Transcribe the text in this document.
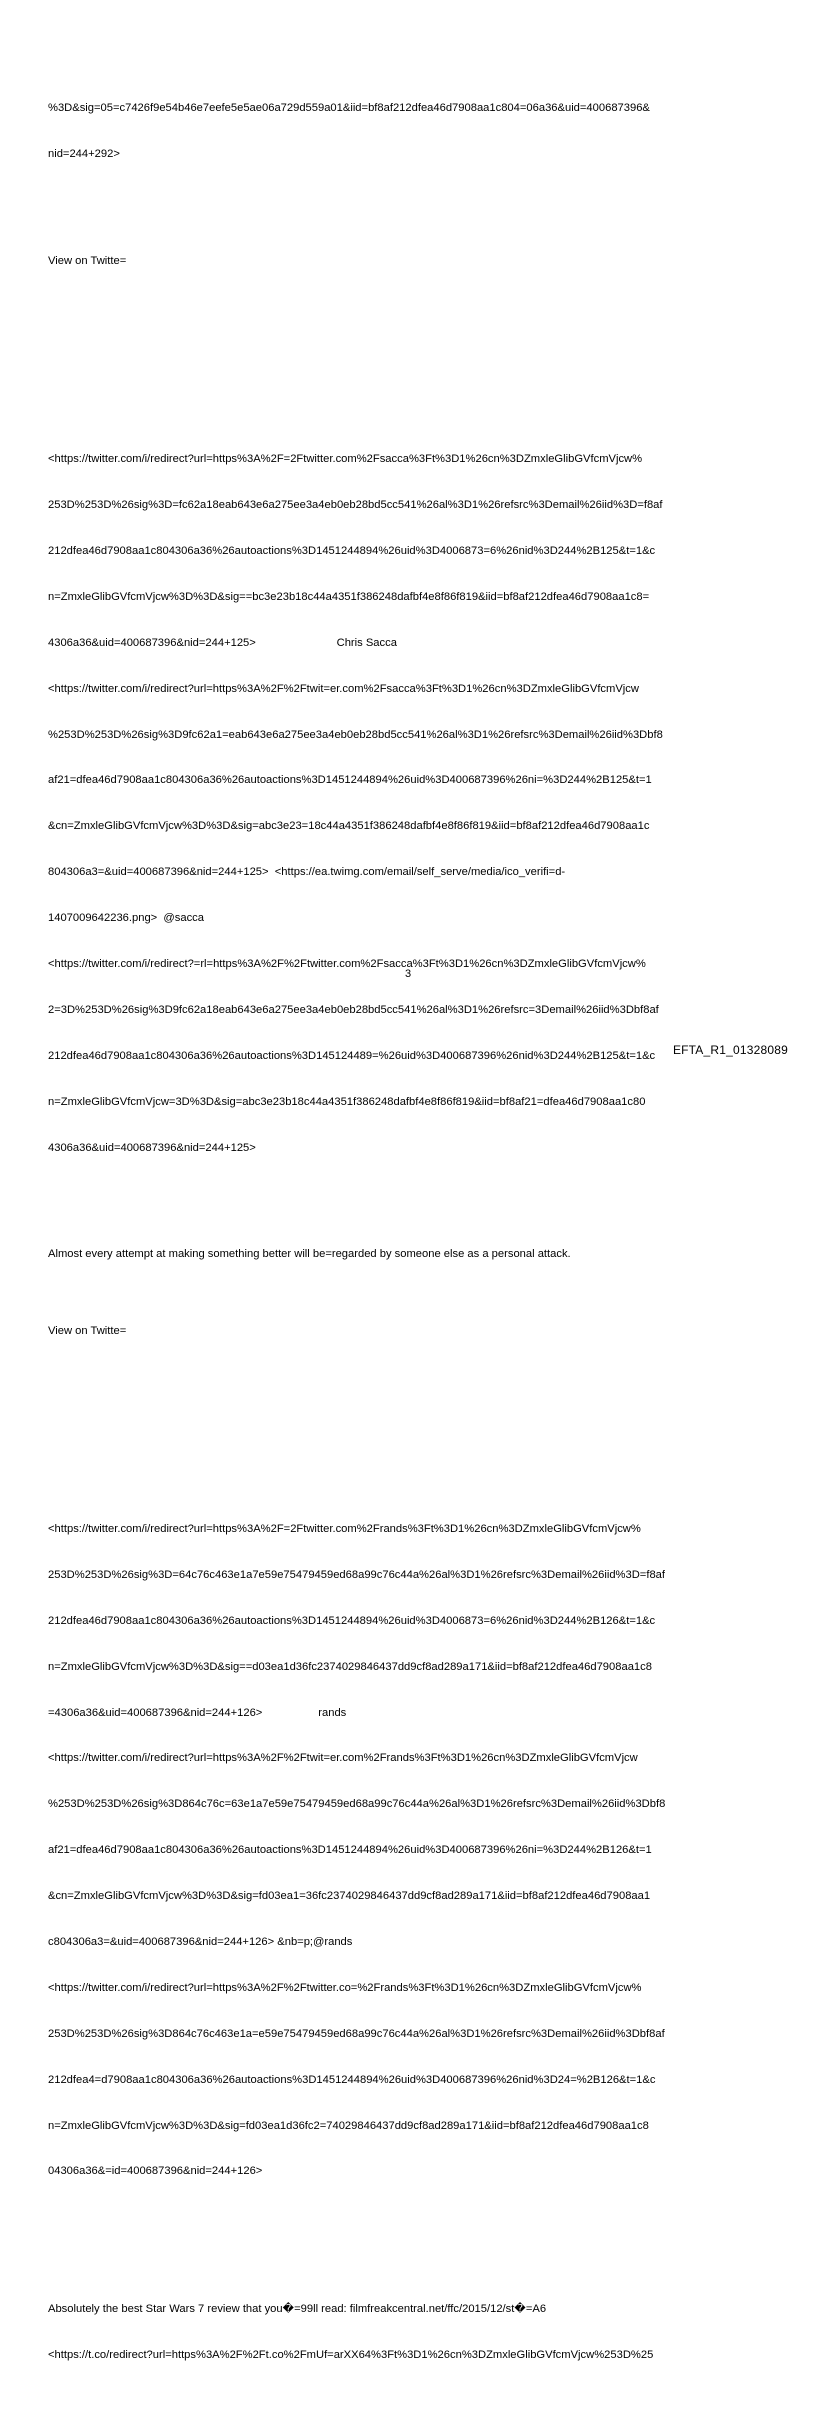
%3D&sig=05=c7426f9e54b46e7eefe5e5ae06a729d559a01&iid=bf8af212dfea46d7908aa1c804=06a36&uid=400687396&

nid=244+292>

View on Twitte=

<https://twitter.com/i/redirect?url=https%3A%2F=2Ftwitter.com%2Fsacca%3Ft%3D1%26cn%3DZmxleGlibGVfcmVjcw%

253D%253D%26sig%3D=fc62a18eab643e6a275ee3a4eb0eb28bd5cc541%26al%3D1%26refsrc%3Demail%26iid%3D=f8af

212dfea46d7908aa1c804306a36%26autoactions%3D1451244894%26uid%3D4006873=6%26nid%3D244%2B125&t=1&c

n=ZmxleGlibGVfcmVjcw%3D%3D&sig==bc3e23b18c44a4351f386248dafbf4e8f86f819&iid=bf8af212dfea46d7908aa1c8=

4306a36&uid=400687396&nid=244+125>                          Chris Sacca

<https://twitter.com/i/redirect?url=https%3A%2F%2Ftwit=er.com%2Fsacca%3Ft%3D1%26cn%3DZmxleGlibGVfcmVjcw

%253D%253D%26sig%3D9fc62a1=eab643e6a275ee3a4eb0eb28bd5cc541%26al%3D1%26refsrc%3Demail%26iid%3Dbf8

af21=dfea46d7908aa1c804306a36%26autoactions%3D1451244894%26uid%3D400687396%26ni=%3D244%2B125&t=1

&cn=ZmxleGlibGVfcmVjcw%3D%3D&sig=abc3e23=18c44a4351f386248dafbf4e8f86f819&iid=bf8af212dfea46d7908aa1c

804306a3=&uid=400687396&nid=244+125>  <https://ea.twimg.com/email/self_serve/media/ico_verifi=d-

1407009642236.png>  @sacca

<https://twitter.com/i/redirect?=rl=https%3A%2F%2Ftwitter.com%2Fsacca%3Ft%3D1%26cn%3DZmxleGlibGVfcmVjcw%

2=3D%253D%26sig%3D9fc62a18eab643e6a275ee3a4eb0eb28bd5cc541%26al%3D1%26refsrc=3Demail%26iid%3Dbf8af

212dfea46d7908aa1c804306a36%26autoactions%3D145124489=%26uid%3D400687396%26nid%3D244%2B125&t=1&c

n=ZmxleGlibGVfcmVjcw=3D%3D&sig=abc3e23b18c44a4351f386248dafbf4e8f86f819&iid=bf8af21=dfea46d7908aa1c80

4306a36&uid=400687396&nid=244+125>

Almost every attempt at making something better will be=regarded by someone else as a personal attack.

View on Twitte=

<https://twitter.com/i/redirect?url=https%3A%2F=2Ftwitter.com%2Frands%3Ft%3D1%26cn%3DZmxleGlibGVfcmVjcw%

253D%253D%26sig%3D=64c76c463e1a7e59e75479459ed68a99c76c44a%26al%3D1%26refsrc%3Demail%26iid%3D=f8af

212dfea46d7908aa1c804306a36%26autoactions%3D1451244894%26uid%3D4006873=6%26nid%3D244%2B126&t=1&c

n=ZmxleGlibGVfcmVjcw%3D%3D&sig==d03ea1d36fc2374029846437dd9cf8ad289a171&iid=bf8af212dfea46d7908aa1c8

=4306a36&uid=400687396&nid=244+126>                  rands

<https://twitter.com/i/redirect?url=https%3A%2F%2Ftwit=er.com%2Frands%3Ft%3D1%26cn%3DZmxleGlibGVfcmVjcw

%253D%253D%26sig%3D864c76c=63e1a7e59e75479459ed68a99c76c44a%26al%3D1%26refsrc%3Demail%26iid%3Dbf8

af21=dfea46d7908aa1c804306a36%26autoactions%3D1451244894%26uid%3D400687396%26ni=%3D244%2B126&t=1

&cn=ZmxleGlibGVfcmVjcw%3D%3D&sig=fd03ea1=36fc2374029846437dd9cf8ad289a171&iid=bf8af212dfea46d7908aa1

c804306a3=&uid=400687396&nid=244+126> &nb=p;@rands

<https://twitter.com/i/redirect?url=https%3A%2F%2Ftwitter.co=%2Frands%3Ft%3D1%26cn%3DZmxleGlibGVfcmVjcw%

253D%253D%26sig%3D864c76c463e1a=e59e75479459ed68a99c76c44a%26al%3D1%26refsrc%3Demail%26iid%3Dbf8af

212dfea4=d7908aa1c804306a36%26autoactions%3D1451244894%26uid%3D400687396%26nid%3D24=%2B126&t=1&c

n=ZmxleGlibGVfcmVjcw%3D%3D&sig=fd03ea1d36fc2=74029846437dd9cf8ad289a171&iid=bf8af212dfea46d7908aa1c8

04306a36&=id=400687396&nid=244+126>

Absolutely the best Star Wars 7 review that you�=99ll read: filmfreakcentral.net/ffc/2015/12/st�=A6

<https://t.co/redirect?url=https%3A%2F%2Ft.co%2FmUf=arXX64%3Ft%3D1%26cn%3DZmxleGlibGVfcmVjcw%253D%25

3
EFTA_R1_01328089
